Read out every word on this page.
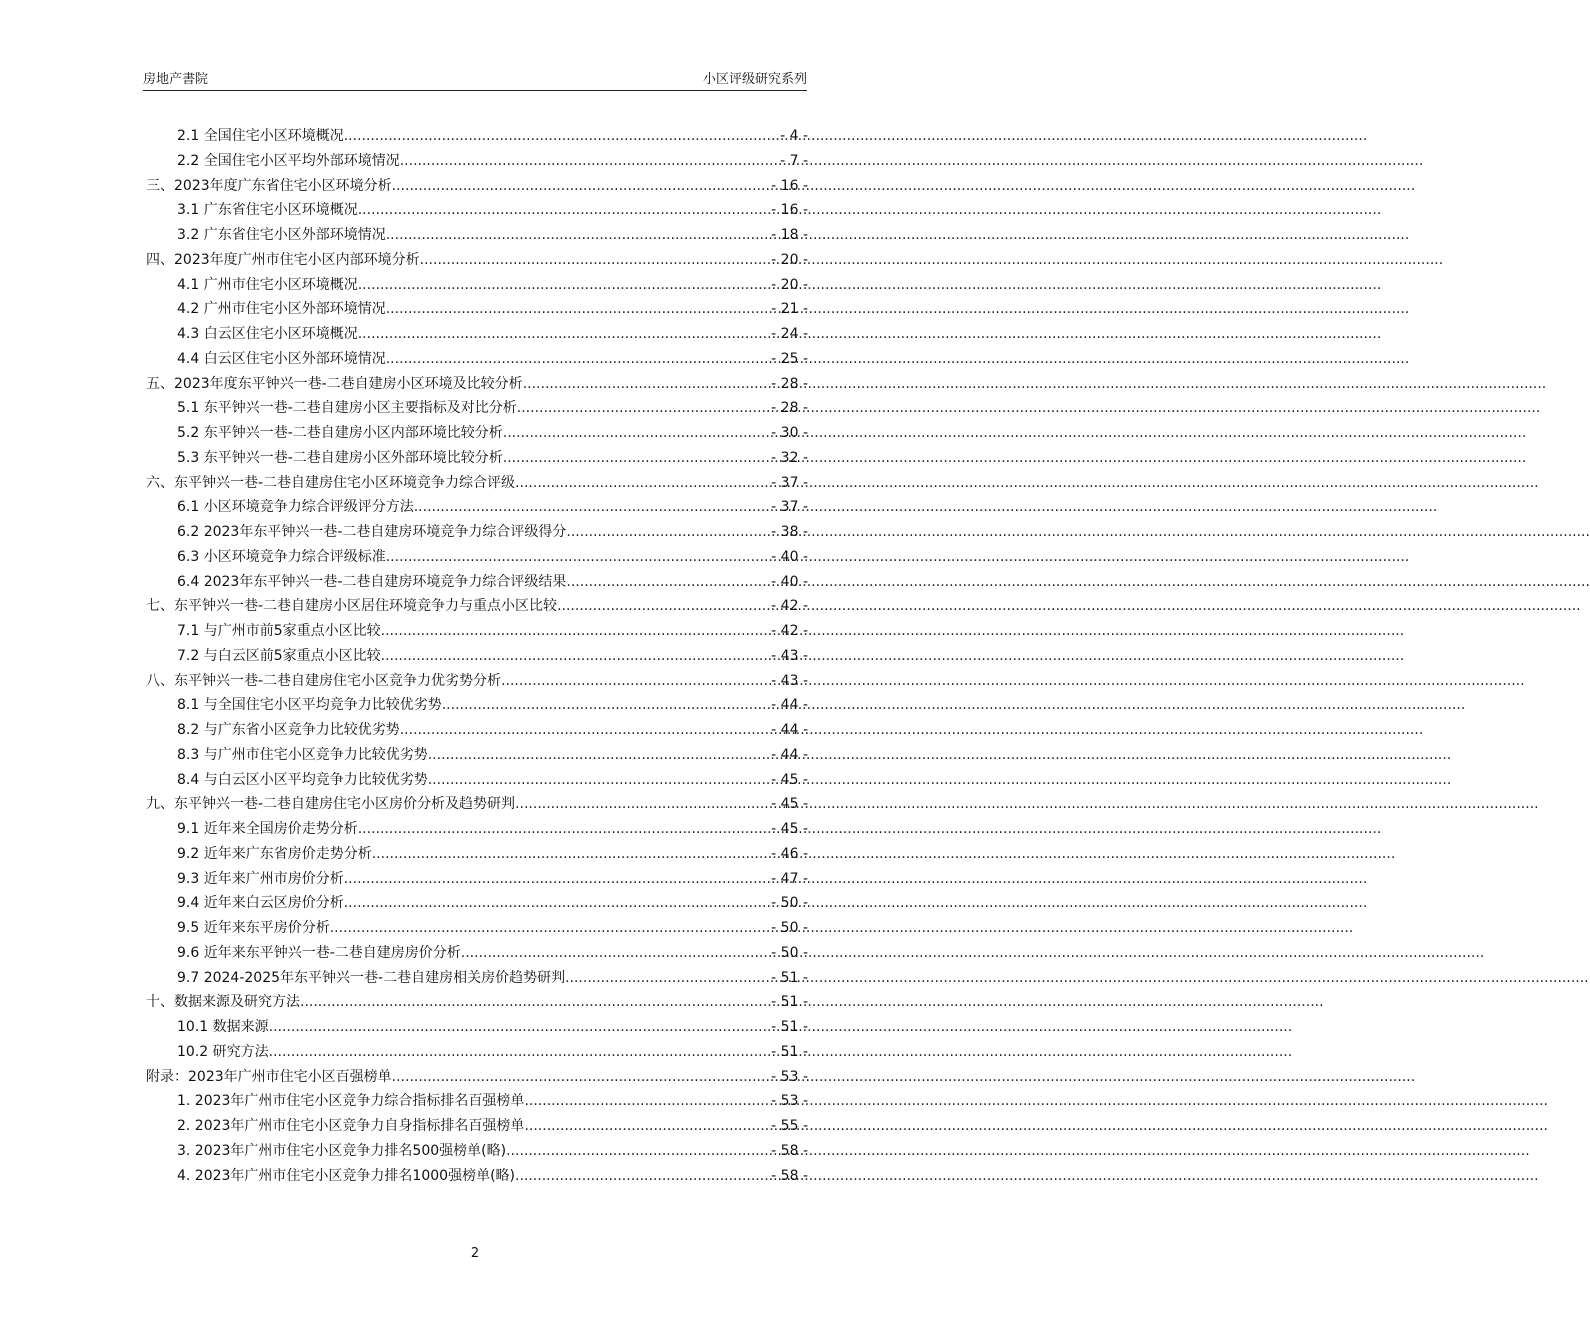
房地产書院	小区评级研究系列
2.1 全国住宅小区环境概况 .....	- 4 -
2.2 全国住宅小区平均外部环境情况 .....	- 7 -
三、2023年度广东省住宅小区环境分析 .....	- 16 -
3.1 广东省住宅小区环境概况 .....	- 16 -
3.2 广东省住宅小区外部环境情况 .....	- 18 -
四、2023年度广州市住宅小区内部环境分析 .....	- 20 -
4.1 广州市住宅小区环境概况 .....	- 20 -
4.2 广州市住宅小区外部环境情况 .....	- 21 -
4.3 白云区住宅小区环境概况 .....	- 24 -
4.4 白云区住宅小区外部环境情况 .....	- 25 -
五、2023年度东平钟兴一巷-二巷自建房小区环境及比较分析 .....	- 28 -
5.1 东平钟兴一巷-二巷自建房小区主要指标及对比分析 .....	- 28 -
5.2 东平钟兴一巷-二巷自建房小区内部环境比较分析 .....	- 30 -
5.3 东平钟兴一巷-二巷自建房小区外部环境比较分析 .....	- 32 -
六、东平钟兴一巷-二巷自建房住宅小区环境竞争力综合评级 .....	- 37 -
6.1 小区环境竞争力综合评级评分方法 .....	- 37 -
6.2 2023年东平钟兴一巷-二巷自建房环境竞争力综合评级得分 .....	- 38 -
6.3 小区环境竞争力综合评级标准 .....	- 40 -
6.4 2023年东平钟兴一巷-二巷自建房环境竞争力综合评级结果 .....	- 40 -
七、东平钟兴一巷-二巷自建房小区居住环境竞争力与重点小区比较 .....	- 42 -
7.1 与广州市前5家重点小区比较 .....	- 42 -
7.2 与白云区前5家重点小区比较 .....	- 43 -
八、东平钟兴一巷-二巷自建房住宅小区竞争力优劣势分析 .....	- 43 -
8.1 与全国住宅小区平均竞争力比较优劣势 .....	- 44 -
8.2 与广东省小区竞争力比较优劣势 .....	- 44 -
8.3 与广州市住宅小区竞争力比较优劣势 .....	- 44 -
8.4 与白云区小区平均竞争力比较优劣势 .....	- 45 -
九、东平钟兴一巷-二巷自建房住宅小区房价分析及趋势研判 .....	- 45 -
9.1 近年来全国房价走势分析 .....	- 45 -
9.2 近年来广东省房价走势分析 .....	- 46 -
9.3 近年来广州市房价分析 .....	- 47 -
9.4 近年来白云区房价分析 .....	- 50 -
9.5 近年来东平房价分析 .....	- 50 -
9.6 近年来东平钟兴一巷-二巷自建房房价分析 .....	- 50 -
9.7 2024-2025年东平钟兴一巷-二巷自建房相关房价趋势研判 .....	- 51 -
十、数据来源及研究方法 .....	- 51 -
10.1 数据来源 .....	- 51 -
10.2 研究方法 .....	- 51 -
附录：2023年广州市住宅小区百强榜单 .....	- 53 -
1. 2023年广州市住宅小区竞争力综合指标排名百强榜单 .....	- 53 -
2. 2023年广州市住宅小区竞争力自身指标排名百强榜单 .....	- 55 -
3. 2023年广州市住宅小区竞争力排名500强榜单(略) .....	- 58 -
4. 2023年广州市住宅小区竞争力排名1000强榜单(略) .....	- 58 -
2
